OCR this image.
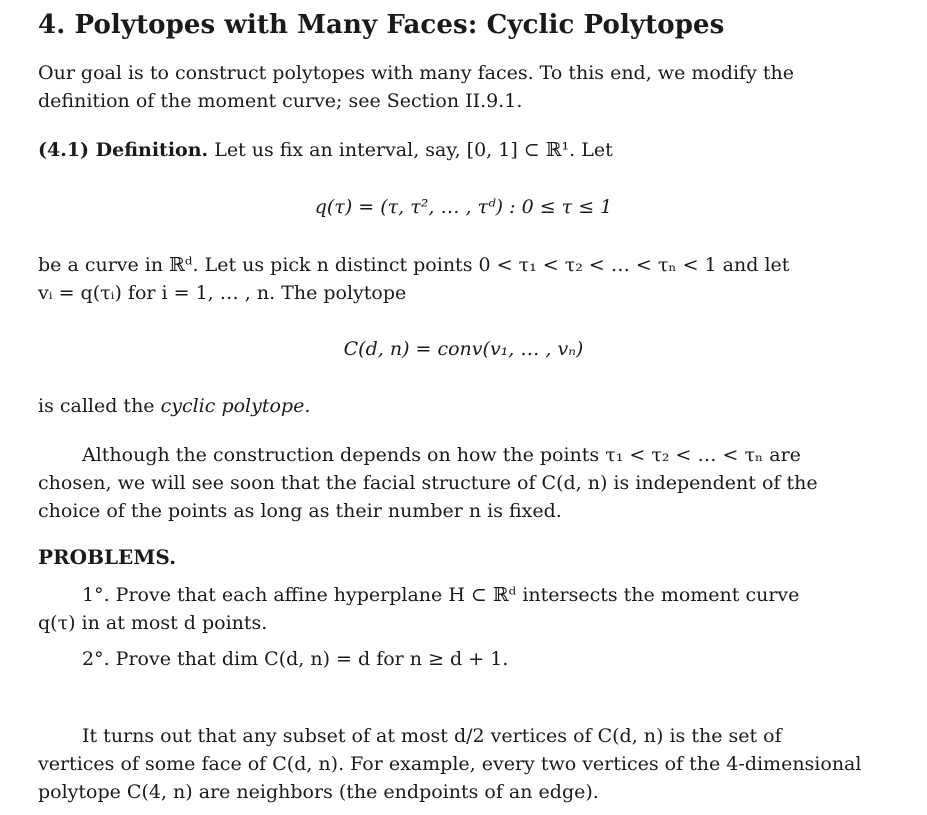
4. Polytopes with Many Faces: Cyclic Polytopes
Our goal is to construct polytopes with many faces. To this end, we modify the
definition of the moment curve; see Section II.9.1.
(4.1) Definition. Let us fix an interval, say, [0, 1] ⊂ ℝ¹. Let
q(τ) = (τ, τ², … , τᵈ) : 0 ≤ τ ≤ 1
be a curve in ℝᵈ. Let us pick n distinct points 0 < τ₁ < τ₂ < … < τₙ < 1 and let
vᵢ = q(τᵢ) for i = 1, … , n. The polytope
C(d, n) = conv(v₁, … , vₙ)
is called the cyclic polytope.
Although the construction depends on how the points τ₁ < τ₂ < … < τₙ are
chosen, we will see soon that the facial structure of C(d, n) is independent of the
choice of the points as long as their number n is fixed.
PROBLEMS.
1°. Prove that each affine hyperplane H ⊂ ℝᵈ intersects the moment curve
q(τ) in at most d points.
2°. Prove that dim C(d, n) = d for n ≥ d + 1.
It turns out that any subset of at most d/2 vertices of C(d, n) is the set of
vertices of some face of C(d, n). For example, every two vertices of the 4-dimensional
polytope C(4, n) are neighbors (the endpoints of an edge).
